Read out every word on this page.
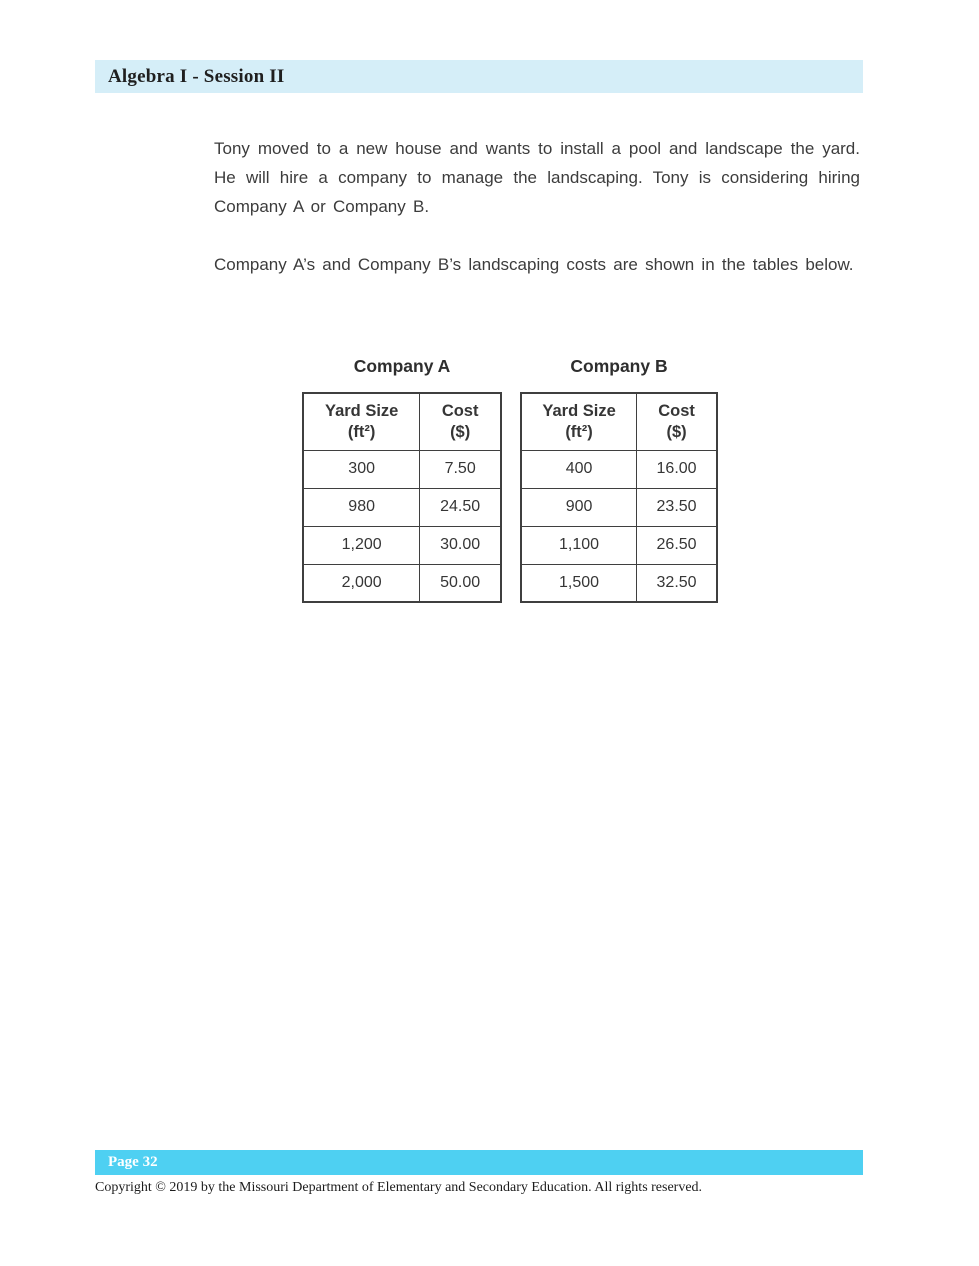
Algebra I - Session II

Tony moved to a new house and wants to install a pool and landscape the yard. He will hire a company to manage the landscaping. Tony is considering hiring Company A or Company B.

Company A’s and Company B’s landscaping costs are shown in the tables below.

Company A
Yard Size
(ft²)	Cost
($)
300	7.50
980	24.50
1,200	30.00
2,000	50.00
Company B
Yard Size
(ft²)	Cost
($)
400	16.00
900	23.50
1,100	26.50
1,500	32.50
Page 32
Copyright © 2019 by the Missouri Department of Elementary and Secondary Education. All rights reserved.
